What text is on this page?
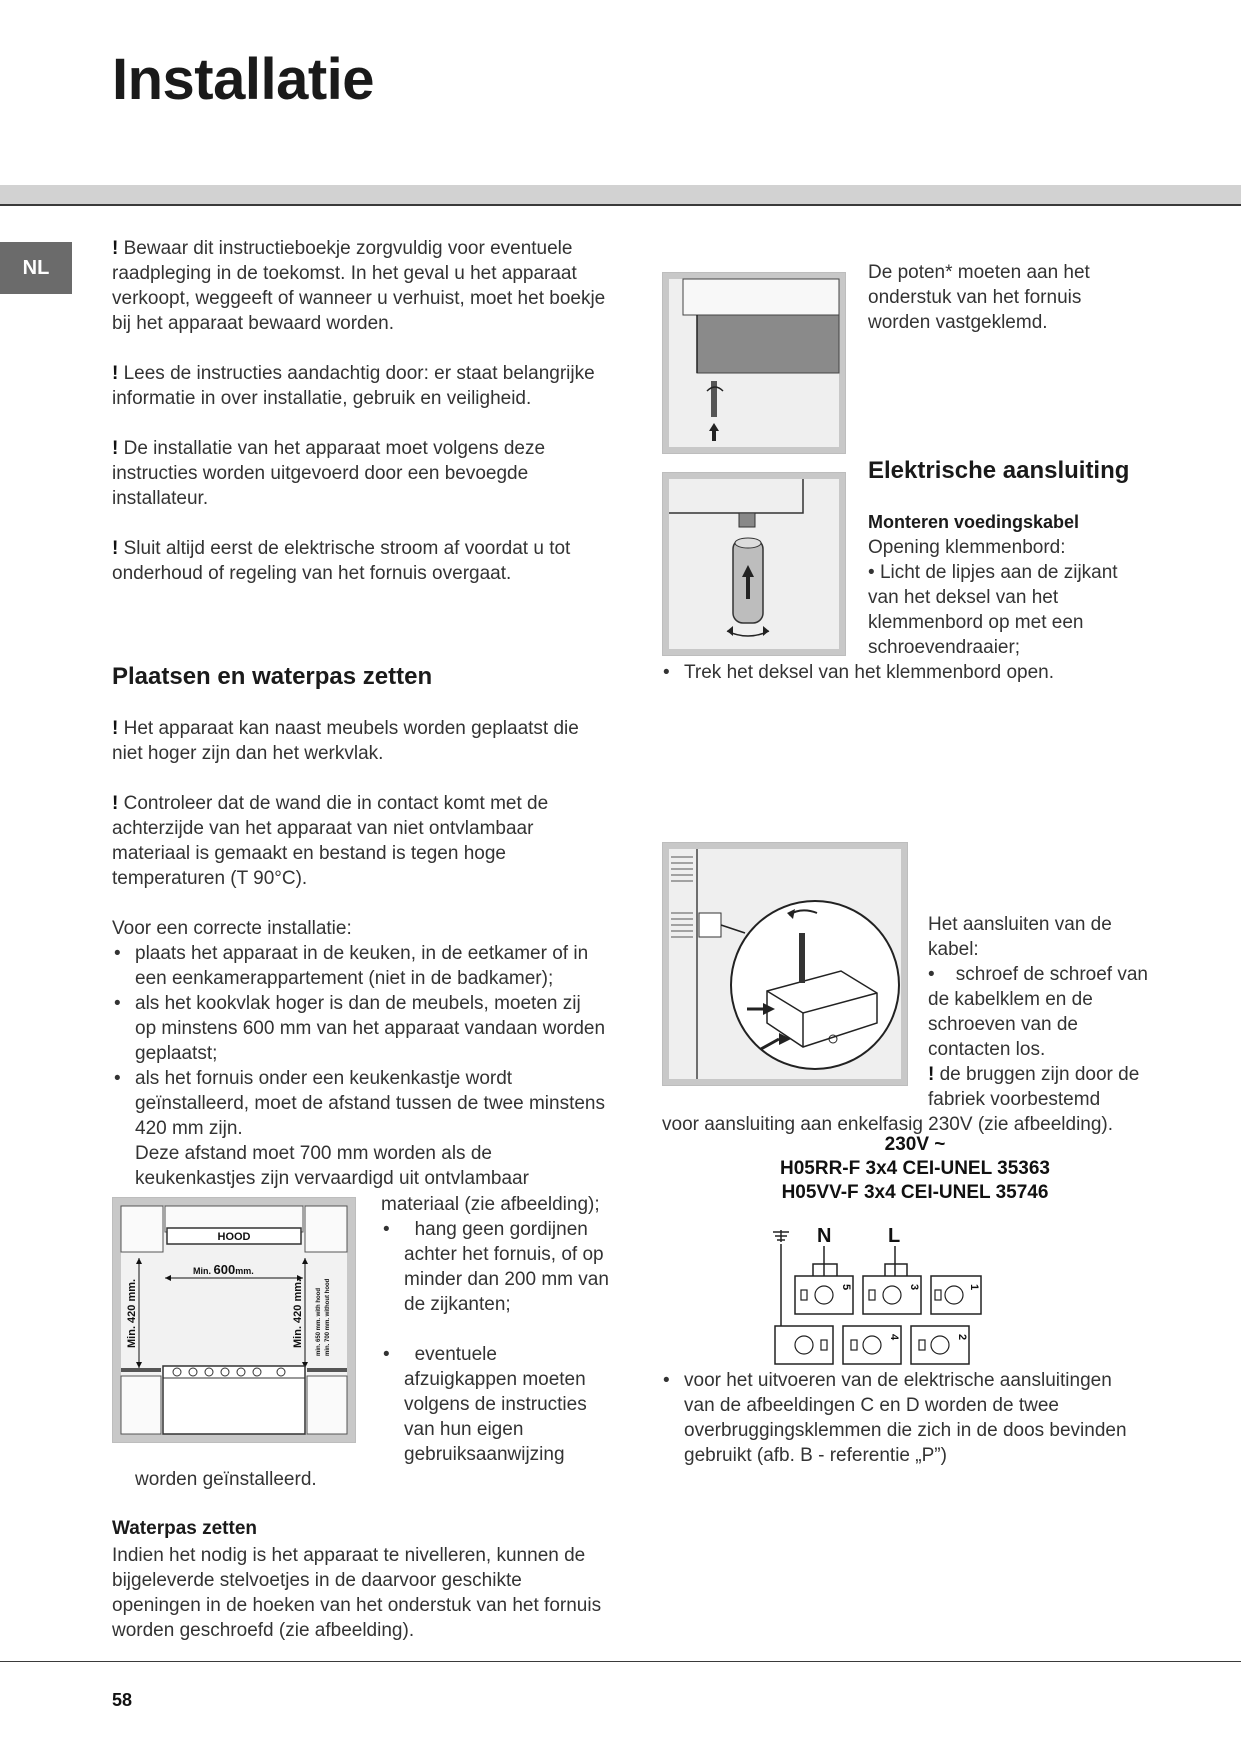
Installatie
NL

! Bewaar dit instructieboekje zorgvuldig voor eventuele raadpleging in de toekomst. In het geval u het apparaat verkoopt, weggeeft of wanneer u verhuist, moet het boekje bij het apparaat bewaard worden.

! Lees de instructies aandachtig door: er staat belangrijke informatie in over installatie, gebruik en veiligheid.

! De installatie van het apparaat moet volgens deze instructies worden uitgevoerd door een bevoegde installateur.

! Sluit altijd eerst de elektrische stroom af voordat u tot onderhoud of regeling van het fornuis overgaat.

Plaatsen en waterpas zetten

! Het apparaat kan naast meubels worden geplaatst die niet hoger zijn dan het werkvlak.

! Controleer dat de wand die in contact komt met de achterzijde van het apparaat van niet ontvlambaar materiaal is gemaakt en bestand is tegen hoge temperaturen (T 90°C).

Voor een correcte installatie:

• plaats het apparaat in de keuken, in de eetkamer of in een eenkamerappartement (niet in de badkamer);
• als het kookvlak hoger is dan de meubels, moeten zij op minstens 600 mm van het apparaat vandaan worden geplaatst;
• als het fornuis onder een keukenkastje wordt geïnstalleerd, moet de afstand tussen de twee minstens 420 mm zijn.
Deze afstand moet 700 mm worden als de keukenkastjes zijn vervaardigd uit ontvlambaar
HOOD
Min. 600mm.
Min. 420 mm.	Min. 420 mm. min. 650 mm. with hood min. 700 mm. without hood

materiaal (zie afbeelding);

• hang geen gordijnen achter het fornuis, of op minder dan 200 mm van de zijkanten;
• eventuele afzuigkappen moeten volgens de instructies van hun eigen gebruiksaanwijzing
worden geïnstalleerd.
Waterpas zetten
Indien het nodig is het apparaat te nivelleren, kunnen de bijgeleverde stelvoetjes in de daarvoor geschikte openingen in de hoeken van het onderstuk van het fornuis worden geschroefd (zie afbeelding).
De poten* moeten aan het onderstuk van het fornuis worden vastgeklemd.
Elektrische aansluiting

Monteren voedingskabel

Opening klemmenbord:

• Licht de lipjes aan de zijkant van het deksel van het klemmenbord op met een schroevendraaier;

• Trek het deksel van het klemmenbord open.

Het aansluiten van de kabel:

•    schroef de schroef van de kabelklem en de schroeven van de contacten los.

! de bruggen zijn door de fabriek voorbestemd

voor aansluiting aan enkelfasig 230V (zie afbeelding).
230V ~
H05RR-F 3x4 CEI-UNEL 35363
H05VV-F 3x4 CEI-UNEL 35746
N	L
5	3	1
4	2
• voor het uitvoeren van de elektrische aansluitingen van de afbeeldingen C en D worden de twee overbruggingsklemmen die zich in de doos bevinden gebruikt (afb. B - referentie „P”)
58
